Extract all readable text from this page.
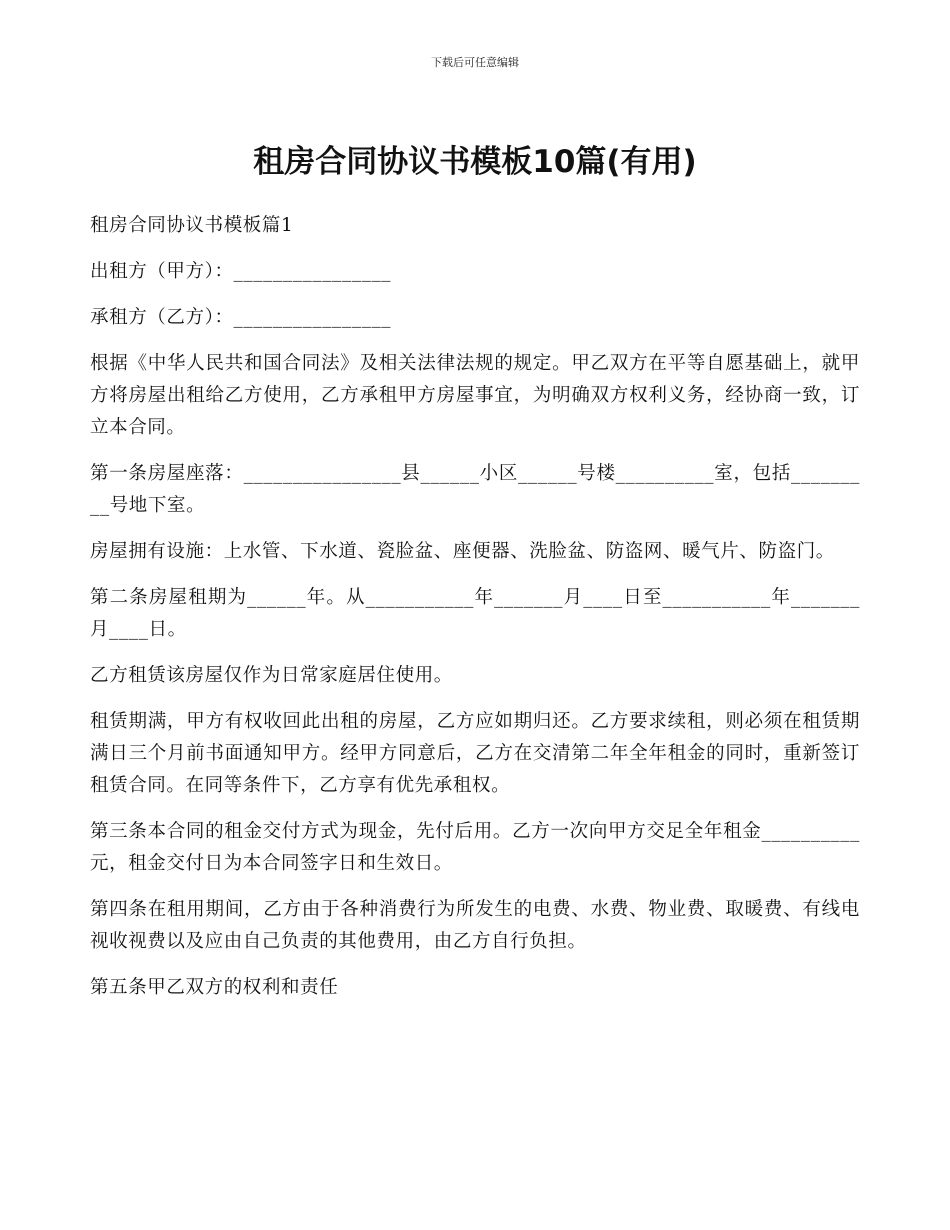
下载后可任意编辑
租房合同协议书模板10篇(有用)

租房合同协议书模板篇1

出租方（甲方）：________________

承租方（乙方）：________________

根据《中华人民共和国合同法》及相关法律法规的规定。甲乙双方在平等自愿基础上，就甲方将房屋出租给乙方使用，乙方承租甲方房屋事宜，为明确双方权利义务，经协商一致，订立本合同。

第一条房屋座落：________________县______小区______号楼__________室，包括_________号地下室。

房屋拥有设施：上水管、下水道、瓷脸盆、座便器、洗脸盆、防盗网、暖气片、防盗门。

第二条房屋租期为______年。从___________年_______月____日至___________年_______月____日。

乙方租赁该房屋仅作为日常家庭居住使用。

租赁期满，甲方有权收回此出租的房屋，乙方应如期归还。乙方要求续租，则必须在租赁期满日三个月前书面通知甲方。经甲方同意后，乙方在交清第二年全年租金的同时，重新签订租赁合同。在同等条件下，乙方享有优先承租权。

第三条本合同的租金交付方式为现金，先付后用。乙方一次向甲方交足全年租金__________元，租金交付日为本合同签字日和生效日。

第四条在租用期间，乙方由于各种消费行为所发生的电费、水费、物业费、取暖费、有线电视收视费以及应由自己负责的其他费用，由乙方自行负担。

第五条甲乙双方的权利和责任
